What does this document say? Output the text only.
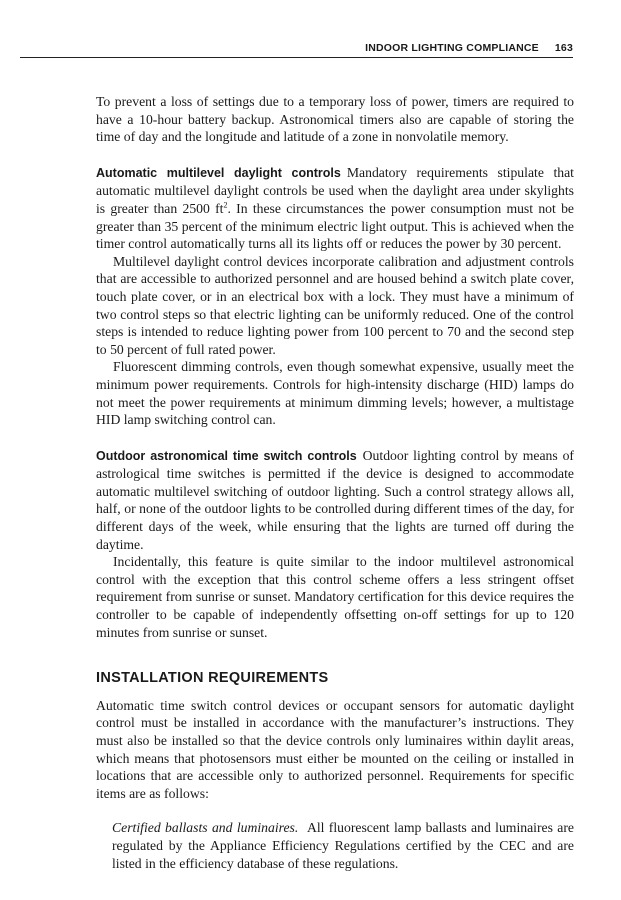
INDOOR LIGHTING COMPLIANCE 163

To prevent a loss of settings due to a temporary loss of power, timers are required to have a 10-hour battery backup. Astronomical timers also are capable of storing the time of day and the longitude and latitude of a zone in nonvolatile memory.

Automatic multilevel daylight controls Mandatory requirements stipulate that automatic multilevel daylight controls be used when the daylight area under skylights is greater than 2500 $ft^2$. In these circumstances the power consumption must not be greater than 35 percent of the minimum electric light output. This is achieved when the timer control automatically turns all its lights off or reduces the power by 30 percent.

Multilevel daylight control devices incorporate calibration and adjustment controls that are accessible to authorized personnel and are housed behind a switch plate cover, touch plate cover, or in an electrical box with a lock. They must have a minimum of two control steps so that electric lighting can be uniformly reduced. One of the control steps is intended to reduce lighting power from 100 percent to 70 and the second step to 50 percent of full rated power.

Fluorescent dimming controls, even though somewhat expensive, usually meet the minimum power requirements. Controls for high-intensity discharge (HID) lamps do not meet the power requirements at minimum dimming levels; however, a multistage HID lamp switching control can.

Outdoor astronomical time switch controls Outdoor lighting control by means of astrological time switches is permitted if the device is designed to accommodate automatic multilevel switching of outdoor lighting. Such a control strategy allows all, half, or none of the outdoor lights to be controlled during different times of the day, for different days of the week, while ensuring that the lights are turned off during the daytime.

Incidentally, this feature is quite similar to the indoor multilevel astronomical control with the exception that this control scheme offers a less stringent offset requirement from sunrise or sunset. Mandatory certification for this device requires the controller to be capable of independently offsetting on-off settings for up to 120 minutes from sunrise or sunset.

INSTALLATION REQUIREMENTS

Automatic time switch control devices or occupant sensors for automatic daylight control must be installed in accordance with the manufacturer’s instructions. They must also be installed so that the device controls only luminaires within daylit areas, which means that photosensors must either be mounted on the ceiling or installed in locations that are accessible only to authorized personnel. Requirements for specific items are as follows:

Certified ballasts and luminaires. All fluorescent lamp ballasts and luminaires are regulated by the Appliance Efficiency Regulations certified by the CEC and are listed in the efficiency database of these regulations.
